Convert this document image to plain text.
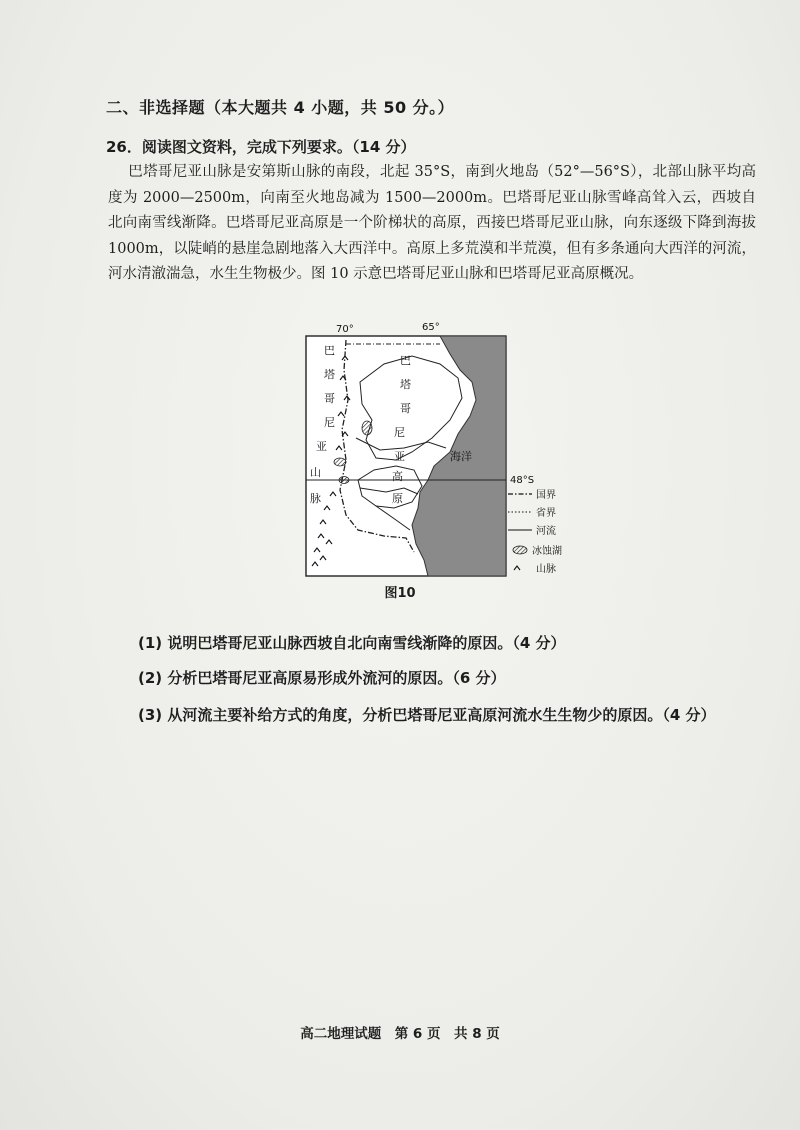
二、非选择题（本大题共 4 小题，共 50 分。）
26．阅读图文资料，完成下列要求。（14 分）
巴塔哥尼亚山脉是安第斯山脉的南段，北起 35°S，南到火地岛（52°—56°S），北部山脉平均高度为 2000—2500m，向南至火地岛减为 1500—2000m。巴塔哥尼亚山脉雪峰高耸入云，西坡自北向南雪线渐降。巴塔哥尼亚高原是一个阶梯状的高原，西接巴塔哥尼亚山脉，向东逐级下降到海拔 1000m，以陡峭的悬崖急剧地落入大西洋中。高原上多荒漠和半荒漠，但有多条通向大西洋的河流，河水清澈湍急，水生生物极少。图 10 示意巴塔哥尼亚山脉和巴塔哥尼亚高原概况。
海洋
48°S
70°	65°
巴
塔
哥
尼
亚
山
脉
巴
塔
哥
尼
亚
高
原	国界
省界
河流
冰蚀湖
山脉
图10
(1) 说明巴塔哥尼亚山脉西坡自北向南雪线渐降的原因。（4 分）
(2) 分析巴塔哥尼亚高原易形成外流河的原因。（6 分）
(3) 从河流主要补给方式的角度，分析巴塔哥尼亚高原河流水生生物少的原因。（4 分）
高二地理试题　第 6 页　共 8 页
